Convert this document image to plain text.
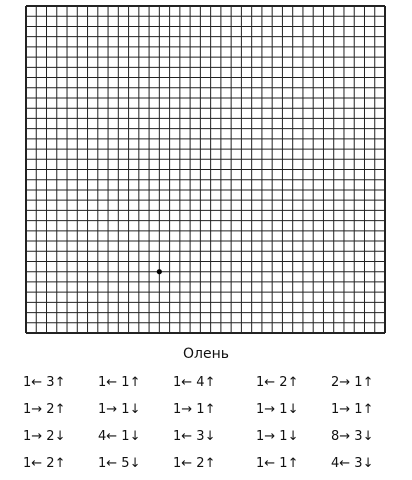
Олень
1← 3↑	1← 1↑	1← 4↑	1← 2↑	2→ 1↑
1→ 2↑	1→ 1↓	1→ 1↑	1→ 1↓	1→ 1↑
1→ 2↓	4← 1↓	1← 3↓	1→ 1↓	8→ 3↓
1← 2↑	1← 5↓	1← 2↑	1← 1↑	4← 3↓
